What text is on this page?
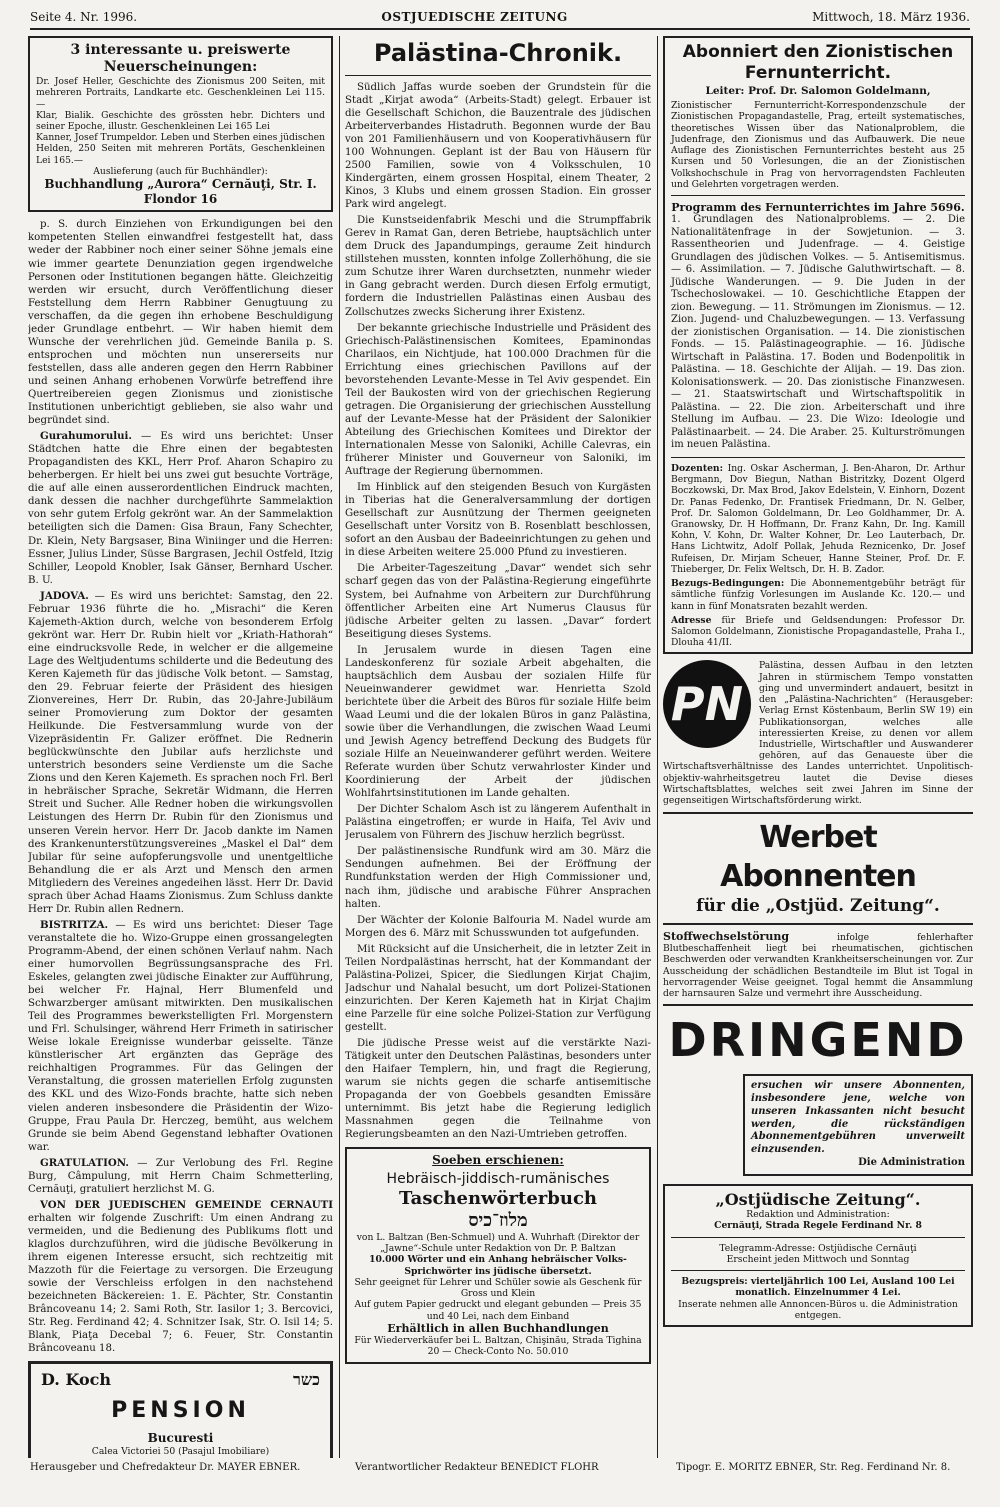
Seite 4. Nr. 1996.	OSTJUEDISCHE ZEITUNG	Mittwoch, 18. März 1936.
3 interessante u. preiswerte Neuerscheinungen:
Dr. Josef Heller, Geschichte des Zionismus 200 Seiten, mit mehreren Portraits, Landkarte etc. Geschenkleinen Lei 115.—
Klar, Bialik. Geschichte des grössten hebr. Dichters und seiner Epoche, illustr. Geschenkleinen Lei 165 Lei
Kanner, Josef Trumpeldor. Leben und Sterben eines jüdischen Helden, 250 Seiten mit mehreren Portäts, Geschenkleinen Lei 165.—
Auslieferung (auch für Buchhändler):
Buchhandlung „Aurora“ Cernăuţi, Str. I. Flondor 16

p. S. durch Einziehen von Erkundigungen bei den kompetenten Stellen einwandfrei festgestellt hat, dass weder der Rabbiner noch einer seiner Söhne jemals eine wie immer geartete Denunziation gegen irgendwelche Personen oder Institutionen begangen hätte. Gleichzeitig werden wir ersucht, durch Veröffentlichung dieser Feststellung dem Herrn Rabbiner Genugtuung zu verschaffen, da die gegen ihn erhobene Beschuldigung jeder Grundlage entbehrt. — Wir haben hiemit dem Wunsche der verehrlichen jüd. Gemeinde Banila p. S. entsprochen und möchten nun unsererseits nur feststellen, dass alle anderen gegen den Herrn Rabbiner und seinen Anhang erhobenen Vorwürfe betreffend ihre Quertreibereien gegen Zionismus und zionistische Institutionen unberichtigt geblieben, sie also wahr und begründet sind.

Gurahumorului. — Es wird uns berichtet: Unser Städtchen hatte die Ehre einen der begabtesten Propagandisten des KKL, Herr Prof. Aharon Schapiro zu beherbergen. Er hielt bei uns zwei gut besuchte Vorträge, die auf alle einen ausserordentlichen Eindruck machten, dank dessen die nachher durchgeführte Sammelaktion von sehr gutem Erfolg gekrönt war. An der Sammelaktion beteiligten sich die Damen: Gisa Braun, Fany Schechter, Dr. Klein, Nety Bargsaser, Bina Winiinger und die Herren: Essner, Julius Linder, Süsse Bargrasen, Jechil Ostfeld, Itzig Schiller, Leopold Knobler, Isak Gänser, Bernhard Uscher. B. U.

JADOVA. — Es wird uns berichtet: Samstag, den 22. Februar 1936 führte die ho. „Misrachi“ die Keren Kajemeth-Aktion durch, welche von besonderem Erfolg gekrönt war. Herr Dr. Rubin hielt vor „Kriath-Hathorah“ eine eindrucksvolle Rede, in welcher er die allgemeine Lage des Weltjudentums schilderte und die Bedeutung des Keren Kajemeth für das jüdische Volk betont. — Samstag, den 29. Februar feierte der Präsident des hiesigen Zionvereines, Herr Dr. Rubin, das 20-Jahre-Jubiläum seiner Promovierung zum Doktor der gesamten Heilkunde. Die Festversammlung wurde von der Vizepräsidentin Fr. Galizer eröffnet. Die Rednerin beglückwünschte den Jubilar aufs herzlichste und unterstrich besonders seine Verdienste um die Sache Zions und den Keren Kajemeth. Es sprachen noch Frl. Berl in hebräischer Sprache, Sekretär Widmann, die Herren Streit und Sucher. Alle Redner hoben die wirkungsvollen Leistungen des Herrn Dr. Rubin für den Zionismus und unseren Verein hervor. Herr Dr. Jacob dankte im Namen des Krankenunterstützungsvereines „Maskel el Dal“ dem Jubilar für seine aufopferungsvolle und unentgeltliche Behandlung die er als Arzt und Mensch den armen Mitgliedern des Vereines angedeihen lässt. Herr Dr. David sprach über Achad Haams Zionismus. Zum Schluss dankte Herr Dr. Rubin allen Rednern.

BISTRITZA. — Es wird uns berichtet: Dieser Tage veranstaltete die ho. Wizo-Gruppe einen grossangelegten Programm-Abend, der einen schönen Verlauf nahm. Nach einer humorvollen Begrüssungsansprache des Frl. Eskeles, gelangten zwei jüdische Einakter zur Aufführung, bei welcher Fr. Hajnal, Herr Blumenfeld und Schwarzberger amüsant mitwirkten. Den musikalischen Teil des Programmes bewerkstelligten Frl. Morgenstern und Frl. Schulsinger, während Herr Frimeth in satirischer Weise lokale Ereignisse wunderbar geisselte. Tänze künstlerischer Art ergänzten das Gepräge des reichhaltigen Programmes. Für das Gelingen der Veranstaltung, die grossen materiellen Erfolg zugunsten des KKL und des Wizo-Fonds brachte, hatte sich neben vielen anderen insbesondere die Präsidentin der Wizo-Gruppe, Frau Paula Dr. Herczeg, bemüht, aus welchem Grunde sie beim Abend Gegenstand lebhafter Ovationen war.

GRATULATION. — Zur Verlobung des Frl. Regine Burg, Câmpulung, mit Herrn Chaim Schmetterling, Cernăuţi, gratuliert herzlichst M. G.

VON DER JUEDISCHEN GEMEINDE CERNAUTI erhalten wir folgende Zuschrift: Um einen Andrang zu vermeiden, und die Bedienung des Publikums flott und klaglos durchzuführen, wird die jüdische Bevölkerung in ihrem eigenen Interesse ersucht, sich rechtzeitig mit Mazzoth für die Feiertage zu versorgen. Die Erzeugung sowie der Verschleiss erfolgen in den nachstehend bezeichneten Bäckereien: 1. E. Pächter, Str. Constantin Brâncoveanu 14; 2. Sami Roth, Str. Iasilor 1; 3. Bercovici, Str. Reg. Ferdinand 42; 4. Schnitzer Isak, Str. O. Isil 14; 5. Blank, Piaţa Decebal 7; 6. Feuer, Str. Constantin Brâncoveanu 18.

D. Koch	כשר
PENSION
Bucuresti
Calea Victoriei 50 (Pasajul Imobiliare)
Palästina-Chronik.

Südlich Jaffas wurde soeben der Grundstein für die Stadt „Kirjat awoda“ (Arbeits-Stadt) gelegt. Erbauer ist die Gesellschaft Schichon, die Bauzentrale des jüdischen Arbeiterverbandes Histadruth. Begonnen wurde der Bau von 201 Familienhäusern und von Kooperativhäusern für 100 Wohnungen. Geplant ist der Bau von Häusern für 2500 Familien, sowie von 4 Volksschulen, 10 Kindergärten, einem grossen Hospital, einem Theater, 2 Kinos, 3 Klubs und einem grossen Stadion. Ein grosser Park wird angelegt.

Die Kunstseidenfabrik Meschi und die Strumpffabrik Gerev in Ramat Gan, deren Betriebe, hauptsächlich unter dem Druck des Japandumpings, geraume Zeit hindurch stillstehen mussten, konnten infolge Zollerhöhung, die sie zum Schutze ihrer Waren durchsetzten, nunmehr wieder in Gang gebracht werden. Durch diesen Erfolg ermutigt, fordern die Industriellen Palästinas einen Ausbau des Zollschutzes zwecks Sicherung ihrer Existenz.

Der bekannte griechische Industrielle und Präsident des Griechisch-Palästinensischen Komitees, Epaminondas Charilaos, ein Nichtjude, hat 100.000 Drachmen für die Errichtung eines griechischen Pavillons auf der bevorstehenden Levante-Messe in Tel Aviv gespendet. Ein Teil der Baukosten wird von der griechischen Regierung getragen. Die Organisierung der griechischen Ausstellung auf der Levante-Messe hat der Präsident der Salonikier Abteilung des Griechischen Komitees und Direktor der Internationalen Messe von Saloniki, Achille Calevras, ein früherer Minister und Gouverneur von Saloniki, im Auftrage der Regierung übernommen.

Im Hinblick auf den steigenden Besuch von Kurgästen in Tiberias hat die Generalversammlung der dortigen Gesellschaft zur Ausnützung der Thermen geeigneten Gesellschaft unter Vorsitz von B. Rosenblatt beschlossen, sofort an den Ausbau der Badeeinrichtungen zu gehen und in diese Arbeiten weitere 25.000 Pfund zu investieren.

Die Arbeiter-Tageszeitung „Davar“ wendet sich sehr scharf gegen das von der Palästina-Regierung eingeführte System, bei Aufnahme von Arbeitern zur Durchführung öffentlicher Arbeiten eine Art Numerus Clausus für jüdische Arbeiter gelten zu lassen. „Davar“ fordert Beseitigung dieses Systems.

In Jerusalem wurde in diesen Tagen eine Landeskonferenz für soziale Arbeit abgehalten, die hauptsächlich dem Ausbau der sozialen Hilfe für Neueinwanderer gewidmet war. Henrietta Szold berichtete über die Arbeit des Büros für soziale Hilfe beim Waad Leumi und die der lokalen Büros in ganz Palästina, sowie über die Verhandlungen, die zwischen Waad Leumi und Jewish Agency betreffend Deckung des Budgets für soziale Hilfe an Neueinwanderer geführt werden. Weitere Referate wurden über Schutz verwahrloster Kinder und Koordinierung der Arbeit der jüdischen Wohlfahrtsinstitutionen im Lande gehalten.

Der Dichter Schalom Asch ist zu längerem Aufenthalt in Palästina eingetroffen; er wurde in Haifa, Tel Aviv und Jerusalem von Führern des Jischuw herzlich begrüsst.

Der palästinensische Rundfunk wird am 30. März die Sendungen aufnehmen. Bei der Eröffnung der Rundfunkstation werden der High Commissioner und, nach ihm, jüdische und arabische Führer Ansprachen halten.

Der Wächter der Kolonie Balfouria M. Nadel wurde am Morgen des 6. März mit Schusswunden tot aufgefunden.

Mit Rücksicht auf die Unsicherheit, die in letzter Zeit in Teilen Nordpalästinas herrscht, hat der Kommandant der Palästina-Polizei, Spicer, die Siedlungen Kirjat Chajim, Jadschur und Nahalal besucht, um dort Polizei-Stationen einzurichten. Der Keren Kajemeth hat in Kirjat Chajim eine Parzelle für eine solche Polizei-Station zur Verfügung gestellt.

Die jüdische Presse weist auf die verstärkte Nazi-Tätigkeit unter den Deutschen Palästinas, besonders unter den Haifaer Templern, hin, und fragt die Regierung, warum sie nichts gegen die scharfe antisemitische Propaganda der von Goebbels gesandten Emissäre unternimmt. Bis jetzt habe die Regierung lediglich Massnahmen gegen die Teilnahme von Regierungsbeamten an den Nazi-Umtrieben getroffen.

Soeben erschienen:
Hebräisch-jiddisch-rumänisches
Taschenwörterbuch
מלוז־כיס
von L. Baltzan (Ben-Schmuel) und A. Wuhrhaft (Direktor der „Jawne“-Schule unter Redaktion von Dr. P. Baltzan
10.000 Wörter und ein Anhang hebräischer Volks-Sprichwörter ins jüdische übersetzt.
Sehr geeignet für Lehrer und Schüler sowie als Geschenk für Gross und Klein
Auf gutem Papier gedruckt und elegant gebunden — Preis 35 und 40 Lei, nach dem Einband
Erhältlich in allen Buchhandlungen
Für Wiederverkäufer bei L. Baltzan, Chişinău, Strada Tighina 20 — Check-Conto No. 50.010
Abonniert den Zionistischen Fernunterricht.
Leiter: Prof. Dr. Salomon Goldelmann,
Zionistischer Fernunterricht-Korrespondenzschule der Zionistischen Propagandastelle, Prag, erteilt systematisches, theoretisches Wissen über das Nationalproblem, die Judenfrage, den Zionismus und das Aufbauwerk. Die neue Auflage des Zionistischen Fernunterrichtes besteht aus 25 Kursen und 50 Vorlesungen, die an der Zionistischen Volkshochschule in Prag von hervorragendsten Fachleuten und Gelehrten vorgetragen werden.
Programm des Fernunterrichtes im Jahre 5696.
1. Grundlagen des Nationalproblems. — 2. Die Nationalitätenfrage in der Sowjetunion. — 3. Rassentheorien und Judenfrage. — 4. Geistige Grundlagen des jüdischen Volkes. — 5. Antisemitismus. — 6. Assimilation. — 7. Jüdische Galuthwirtschaft. — 8. Jüdische Wanderungen. — 9. Die Juden in der Tschechoslowakei. — 10. Geschichtliche Etappen der zion. Bewegung. — 11. Strömungen im Zionismus. — 12. Zion. Jugend- und Chaluzbewegungen. — 13. Verfassung der zionistischen Organisation. — 14. Die zionistischen Fonds. — 15. Palästinageographie. — 16. Jüdische Wirtschaft in Palästina. 17. Boden und Bodenpolitik in Palästina. — 18. Geschichte der Alijah. — 19. Das zion. Kolonisationswerk. — 20. Das zionistische Finanzwesen. — 21. Staatswirtschaft und Wirtschaftspolitik in Palästina. — 22. Die zion. Arbeiterschaft und ihre Stellung im Aufbau. — 23. Die Wizo: Ideologie und Palästinaarbeit. — 24. Die Araber. 25. Kulturströmungen im neuen Palästina.
Dozenten: Ing. Oskar Ascherman, J. Ben-Aharon, Dr. Arthur Bergmann, Dov Biegun, Nathan Bistritzky, Dozent Olgerd Boczkowski, Dr. Max Brod, Jakov Edelstein, V. Einhorn, Dozent Dr. Panas Fedenko, Dr. Frantisek Friedmann, Dr. N. Gelber, Prof. Dr. Salomon Goldelmann, Dr. Leo Goldhammer, Dr. A. Granowsky, Dr. H Hoffmann, Dr. Franz Kahn, Dr. Ing. Kamill Kohn, V. Kohn, Dr. Walter Kohner, Dr. Leo Lauterbach, Dr. Hans Lichtwitz, Adolf Pollak, Jehuda Reznicenko, Dr. Josef Rufeisen, Dr. Mirjam Scheuer, Hanne Steiner, Prof. Dr. F. Thieberger, Dr. Felix Weltsch, Dr. H. B. Zador.
Bezugs-Bedingungen: Die Abonnementgebühr beträgt für sämtliche fünfzig Vorlesungen im Auslande Kc. 120.— und kann in fünf Monatsraten bezahlt werden.
Adresse für Briefe und Geldsendungen: Professor Dr. Salomon Goldelmann, Zionistische Propagandastelle, Praha I., Dlouha 41/II.
PN
Palästina, dessen Aufbau in den letzten Jahren in stürmischem Tempo vonstatten ging und unvermindert andauert, besitzt in den „Palästina-Nachrichten“ (Herausgeber: Verlag Ernst Köstenbaum, Berlin SW 19) ein Publikationsorgan, welches alle interessierten Kreise, zu denen vor allem Industrielle, Wirtschaftler und Auswanderer gehören, auf das Genaueste über die Wirtschaftsverhältnisse des Landes unterrichtet. Unpolitisch-objektiv-wahrheitsgetreu lautet die Devise dieses Wirtschaftsblattes, welches seit zwei Jahren im Sinne der gegenseitigen Wirtschaftsförderung wirkt.
Werbet Abonnenten
für die „Ostjüd. Zeitung“.
Stoffwechselstörung	infolge fehlerhafter Blutbeschaffenheit liegt bei rheumatischen, gichtischen Beschwerden oder verwandten Krankheitserscheinungen vor. Zur Ausscheidung der schädlichen Bestandteile im Blut ist Togal in hervorragender Weise geeignet. Togal hemmt die Ansammlung der harnsauren Salze und vermehrt ihre Ausscheidung.
DRINGEND
ersuchen wir unsere Abonnenten, insbesondere jene, welche von unseren Inkassanten nicht besucht werden, die rückständigen Abonnementgebühren unverweilt einzusenden.
Die Administration
„Ostjüdische Zeitung“.
Redaktion und Administration:
Cernăuţi, Strada Regele Ferdinand Nr. 8
Telegramm-Adresse: Ostjüdische Cernăuţi
Erscheint jeden Mittwoch und Sonntag
Bezugspreis: vierteljährlich 100 Lei, Ausland 100 Lei monatlich. Einzelnummer 4 Lei.
Inserate nehmen alle Annoncen-Büros u. die Administration entgegen.
Herausgeber und Chefredakteur Dr. MAYER EBNER.	Verantwortlicher Redakteur BENEDICT FLOHR	Tipogr. E. MORITZ EBNER, Str. Reg. Ferdinand Nr. 8.
